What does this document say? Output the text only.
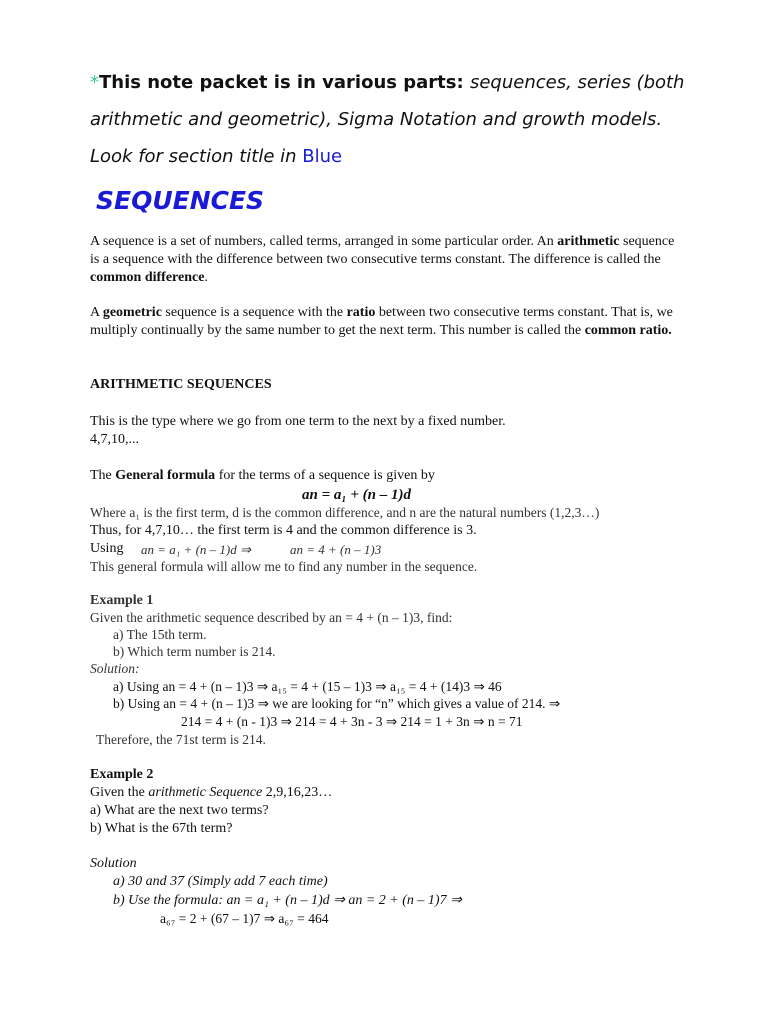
*This note packet is in various parts: sequences, series (both arithmetic and geometric), Sigma Notation and growth models. Look for section title in Blue
SEQUENCES
A sequence is a set of numbers, called terms, arranged in some particular order. An arithmetic sequence is a sequence with the difference between two consecutive terms constant. The difference is called the common difference.
A geometric sequence is a sequence with the ratio between two consecutive terms constant. That is, we multiply continually by the same number to get the next term. This number is called the common ratio.
ARITHMETIC SEQUENCES
This is the type where we go from one term to the next by a fixed number.
4,7,10,...
The General formula for the terms of a sequence is given by
an = a₁ + (n – 1)d
Where a₁ is the first term, d is the common difference, and n are the natural numbers (1,2,3…)
Thus, for 4,7,10… the first term is 4 and the common difference is 3.
Using an = a₁ + (n – 1)d ⇒	an = 4 + (n – 1)3
This general formula will allow me to find any number in the sequence.
Example 1
Given the arithmetic sequence described by an = 4 + (n – 1)3, find:
a) The 15th term.
b) Which term number is 214.
Solution:
a) Using an = 4 + (n – 1)3 ⇒ a₁₅ = 4 + (15 – 1)3 ⇒ a₁₅ = 4 + (14)3 ⇒ 46
b) Using an = 4 + (n – 1)3 ⇒ we are looking for “n” which gives a value of 214. ⇒
214 = 4 + (n - 1)3 ⇒ 214 = 4 + 3n - 3 ⇒ 214 = 1 + 3n ⇒ n = 71
Therefore, the 71st term is 214.
Example 2
Given the arithmetic Sequence 2,9,16,23…
a) What are the next two terms?
b) What is the 67th term?
Solution
a) 30 and 37 (Simply add 7 each time)
b) Use the formula: an = a₁ + (n – 1)d ⇒ an = 2 + (n – 1)7 ⇒
a₆₇ = 2 + (67 – 1)7 ⇒ a₆₇ = 464
